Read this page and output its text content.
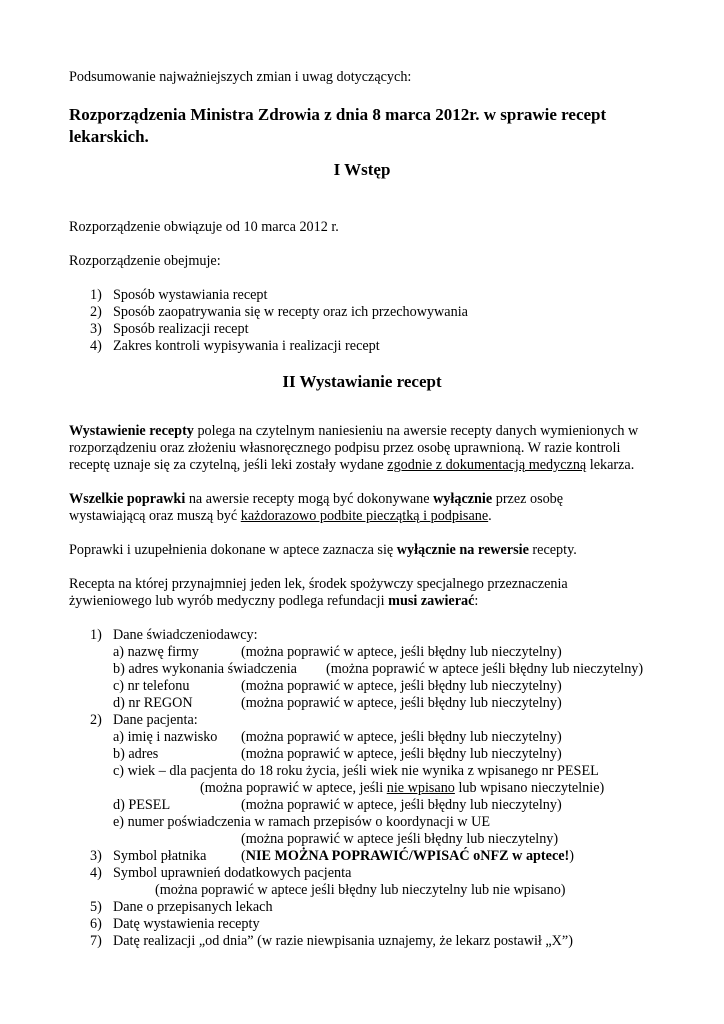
Podsumowanie najważniejszych zmian i uwag dotyczących:
Rozporządzenia Ministra Zdrowia z dnia 8 marca 2012r. w sprawie recept
lekarskich.
I Wstęp
Rozporządzenie obwiązuje od 10 marca 2012 r.
Rozporządzenie obejmuje:
1) Sposób wystawiania recept
2) Sposób zaopatrywania się w recepty oraz ich przechowywania
3) Sposób realizacji recept
4) Zakres kontroli wypisywania i realizacji recept
II Wystawianie recept
Wystawienie recepty polega na czytelnym naniesieniu na awersie recepty danych wymienionych w
rozporządzeniu oraz złożeniu własnoręcznego podpisu przez osobę uprawnioną. W razie kontroli
receptę uznaje się za czytelną, jeśli leki zostały wydane zgodnie z dokumentacją medyczną lekarza.
Wszelkie poprawki na awersie recepty mogą być dokonywane wyłącznie przez osobę
wystawiającą oraz muszą być każdorazowo podbite pieczątką i podpisane.
Poprawki i uzupełnienia dokonane w aptece zaznacza się wyłącznie na rewersie recepty.
Recepta na której przynajmniej jeden lek, środek spożywczy specjalnego przeznaczenia
żywieniowego lub wyrób medyczny podlega refundacji musi zawierać:
1) Dane świadczeniodawcy:
a) nazwę firmy	(można poprawić w aptece, jeśli błędny lub nieczytelny)
b) adres wykonania świadczenia (można poprawić w aptece jeśli błędny lub nieczytelny)
c) nr telefonu	(można poprawić w aptece, jeśli błędny lub nieczytelny)
d) nr REGON	(można poprawić w aptece, jeśli błędny lub nieczytelny)
2) Dane pacjenta:
a) imię i nazwisko (można poprawić w aptece, jeśli błędny lub nieczytelny)
b) adres	(można poprawić w aptece, jeśli błędny lub nieczytelny)
c) wiek – dla pacjenta do 18 roku życia, jeśli wiek nie wynika z wpisanego nr PESEL
(można poprawić w aptece, jeśli nie wpisano lub wpisano nieczytelnie)
d) PESEL	(można poprawić w aptece, jeśli błędny lub nieczytelny)
e) numer poświadczenia w ramach przepisów o koordynacji w UE
(można poprawić w aptece jeśli błędny lub nieczytelny)
3) Symbol płatnika (NIE MOŻNA POPRAWIĆ/WPISAĆ oNFZ w aptece!)
4) Symbol uprawnień dodatkowych pacjenta
(można poprawić w aptece jeśli błędny lub nieczytelny lub nie wpisano)
5) Dane o przepisanych lekach
6) Datę wystawienia recepty
7) Datę realizacji „od dnia” (w razie niewpisania uznajemy, że lekarz postawił „X”)
